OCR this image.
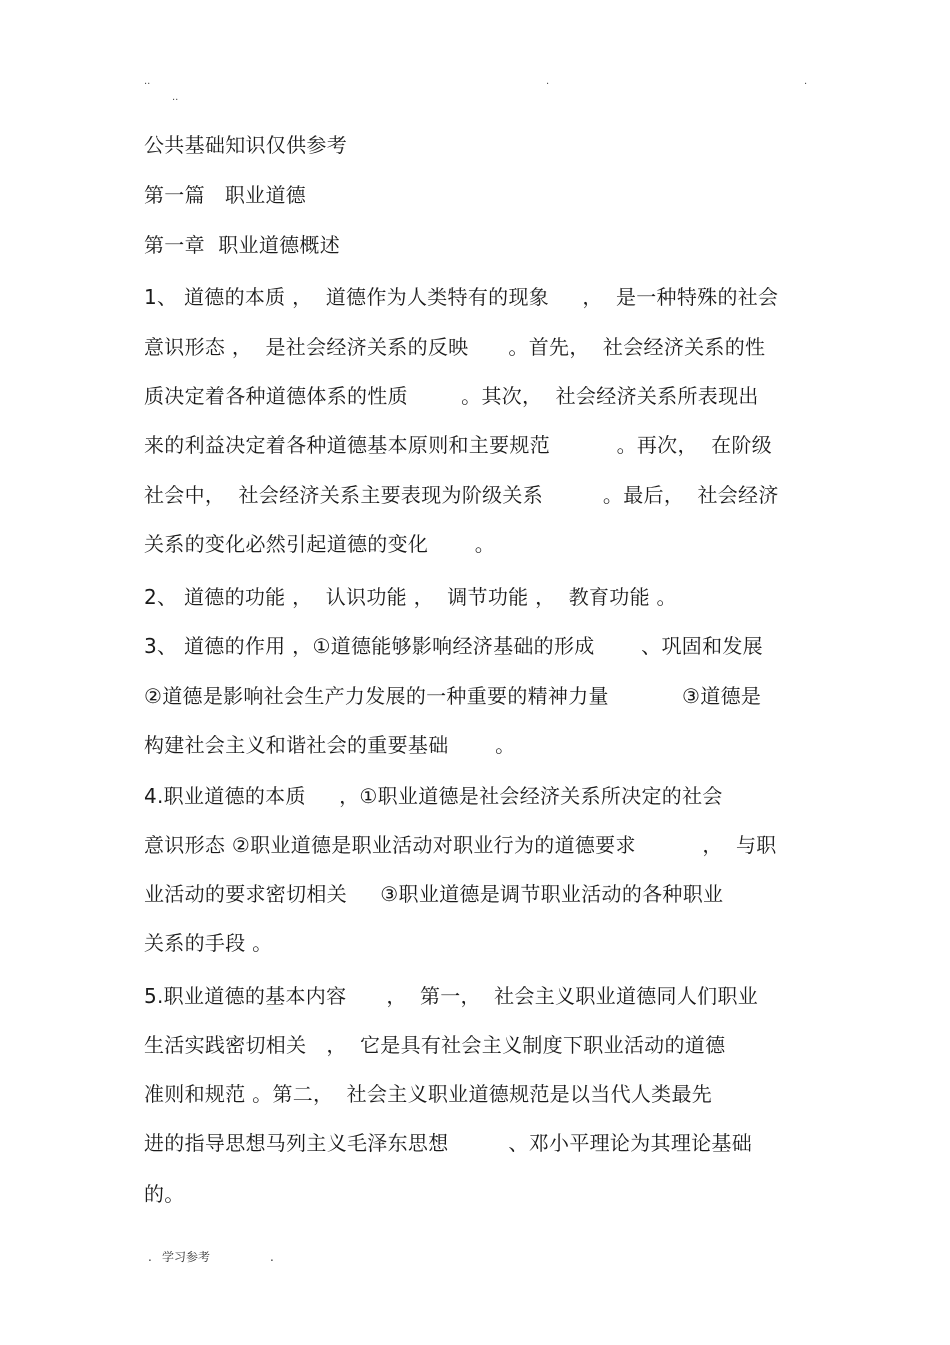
..	.	.
..
公共基础知识仅供参考
第一篇   职业道德
第一章  职业道德概述
1、 道德的本质 ，  道德作为人类特有的现象     ，  是一种特殊的社会
意识形态 ，  是社会经济关系的反映      。首先，  社会经济关系的性
质决定着各种道德体系的性质        。其次，  社会经济关系所表现出
来的利益决定着各种道德基本原则和主要规范          。再次，  在阶级
社会中，  社会经济关系主要表现为阶级关系         。最后，  社会经济
关系的变化必然引起道德的变化       。
2、 道德的功能 ，  认识功能 ，  调节功能 ，  教育功能 。
3、 道德的作用 ，①道德能够影响经济基础的形成       、巩固和发展
②道德是影响社会生产力发展的一种重要的精神力量           ③道德是
构建社会主义和谐社会的重要基础       。
4.职业道德的本质     ，①职业道德是社会经济关系所决定的社会
意识形态 ②职业道德是职业活动对职业行为的道德要求          ，  与职
业活动的要求密切相关     ③职业道德是调节职业活动的各种职业
关系的手段 。
5.职业道德的基本内容      ，  第一，  社会主义职业道德同人们职业
生活实践密切相关   ，  它是具有社会主义制度下职业活动的道德
准则和规范 。第二，  社会主义职业道德规范是以当代人类最先
进的指导思想马列主义毛泽东思想         、邓小平理论为其理论基础
的。
. 学习参考	.
